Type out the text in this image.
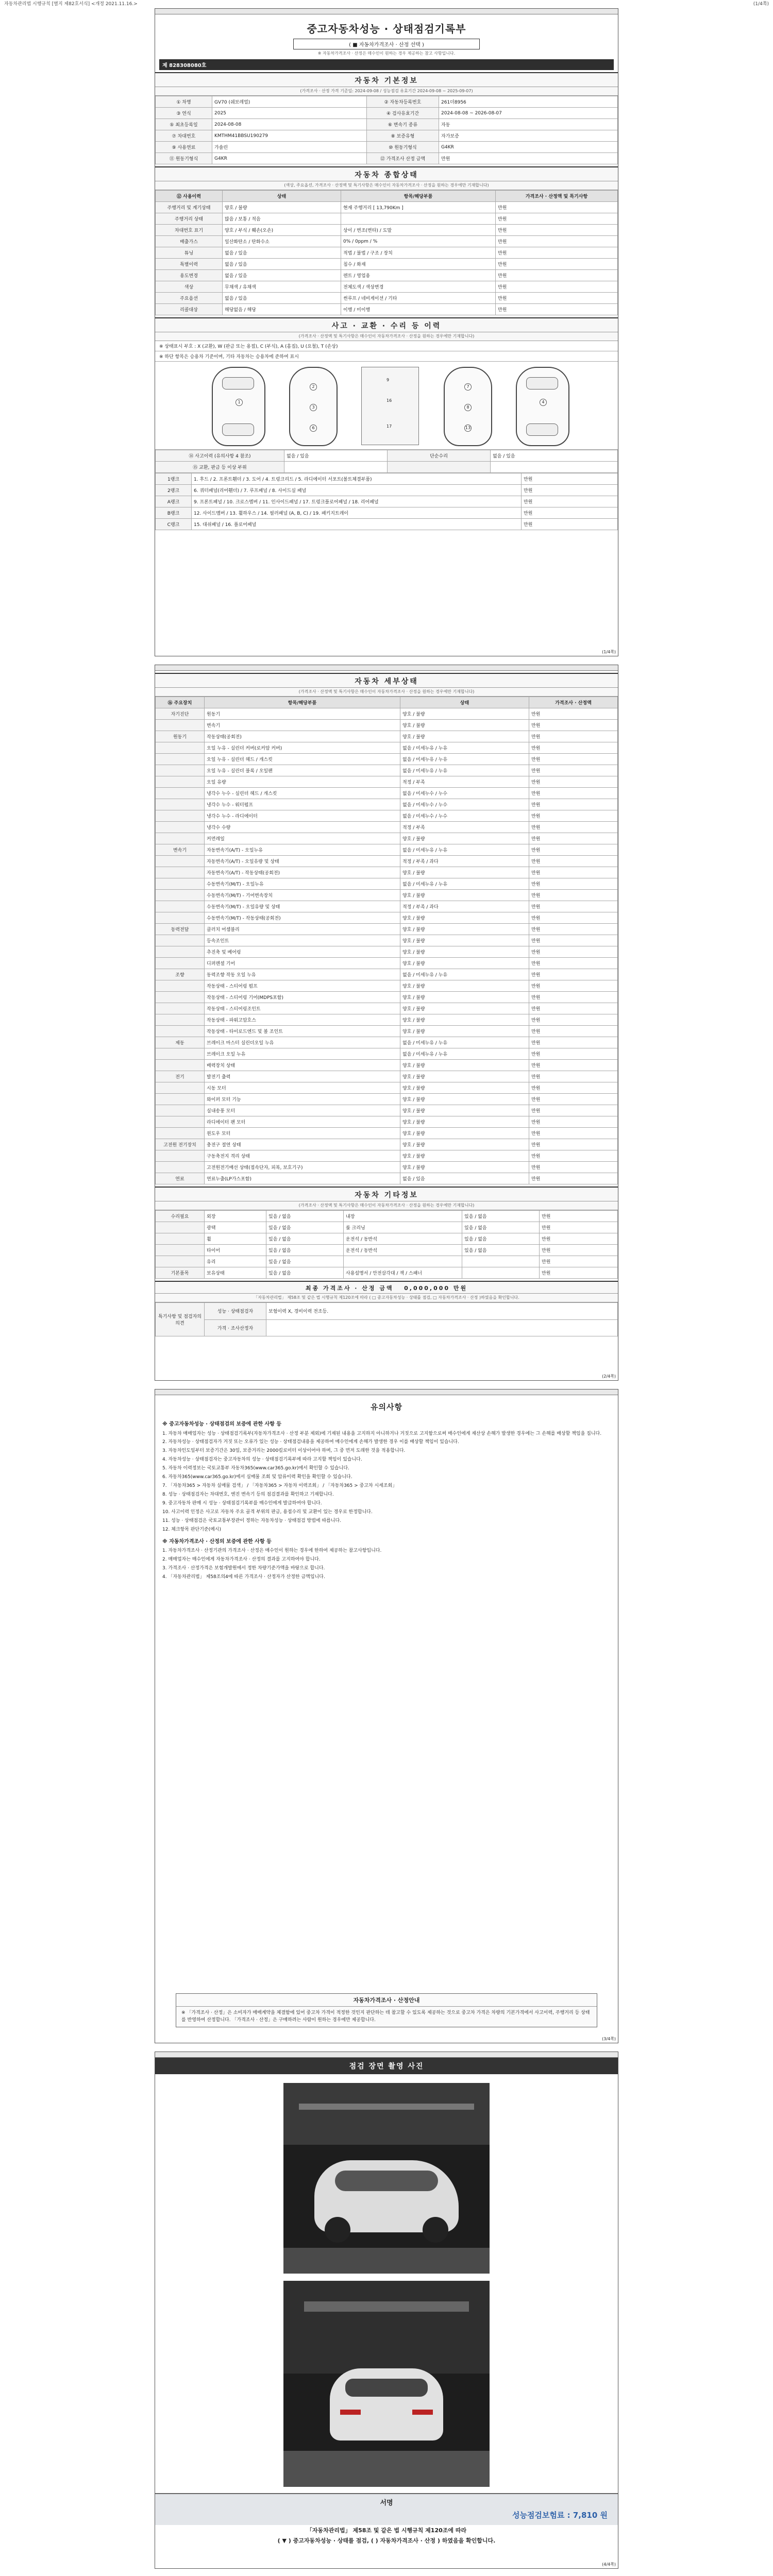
자동차관리법 시행규칙 [별지 제82호서식] <개정 2021.11.16.>	(1/4쪽)
중고자동차성능 · 상태점검기록부
( ■ 자동차가격조사 · 산정 선택 )
※ 자동차가격조사 · 산정은 매수인이 원하는 경우 제공하는 참고 사항입니다.
제 828308080호
자동차 기본정보
(가격조사 · 산정 가격 기준일: 2024-09-08 / 성능점검 유효기간 2024-09-08 ~ 2025-09-07)
① 차명	GV70 (쉐보레얼)	② 자동차등록번호	261더8956
③ 연식	2025	④ 검사유효기간	2024-08-08 ~ 2026-08-07
⑤ 최초등록일	2024-08-08	⑥ 변속기 종류	자동
⑦ 차대번호	KMTHM41BBSU190279	⑧ 보증유형	자가보증
⑨ 사용연료	가솔린	⑩ 원동기형식	G4KR
⑪ 원동기형식	G4KR	⑫ 가격조사 산정 금액	만원
자동차 종합상태
(색상, 주요옵션, 가격조사 · 산정액 및 특기사항은 매수인이 자동차가격조사 · 산정을 원하는 경우에만 기재합니다)
⑫ 사용이력	상태	항목/해당부품	가격조사 · 산정액 및 특기사항
주행거리 및 계기상태	양호 / 불량	현재 주행거리 [ 13,790Km ]	만원
주행거리 상태	많음 / 보통 / 적음		만원
차대번호 표기	양호 / 부식 / 훼손(오손)	상이 / 변조(변타) / 도말	만원
배출가스	일산화탄소 / 탄화수소	0% / 0ppm / %	만원
튜닝	없음 / 있음	적법 / 불법 / 구조 / 장치	만원
특별이력	없음 / 있음	침수 / 화재	만원
용도변경	없음 / 있음	렌트 / 영업용	만원
색상	무채색 / 유채색	전체도색 / 색상변경	만원
주요옵션	없음 / 있음	썬루프 / 네비게이션 / 기타	만원
리콜대상	해당없음 / 해당	이행 / 미이행	만원
사고 · 교환 · 수리 등 이력
(가격조사 · 산정액 및 특기사항은 매수인이 자동차가격조사 · 산정을 원하는 경우에만 기재합니다)
※ 상태표시 부호 : X (교환), W (판금 또는 용접), C (부식), A (흠집), U (요철), T (손상)
※ 하단 항목은 승용차 기준이며, 기타 자동차는 승용차에 준하여 표시
1
2
3
6
9
16
17
7
8
13
4
⑭ 사고이력 (유의사항 4 참조)	없음 / 있음	단순수리	없음 / 있음
⑮ 교환, 판금 등 이상 부위			
1랭크	1. 후드 / 2. 프론트휀더 / 3. 도어 / 4. 트렁크리드 / 5. 라디에이터 서포트(볼트체결부품)	만원
2랭크	6. 쿼터패널(리어휀더) / 7. 루프패널 / 8. 사이드실 패널	만원
A랭크	9. 프론트패널 / 10. 크로스멤버 / 11. 인사이드패널 / 17. 트렁크플로어패널 / 18. 리어패널	만원
B랭크	12. 사이드멤버 / 13. 휠하우스 / 14. 필러패널 (A, B, C) / 19. 패키지트레이	만원
C랭크	15. 대쉬패널 / 16. 플로어패널	만원
(1/4쪽)
자동차 세부상태
(가격조사 · 산정액 및 특기사항은 매수인이 자동차가격조사 · 산정을 원하는 경우에만 기재합니다)
⑯ 주요장치	항목/해당부품	상태	가격조사 · 산정액
자기진단	원동기	양호 / 불량	만원
	변속기	양호 / 불량	만원
원동기	작동상태(공회전)	양호 / 불량	만원
	오일 누유 - 실린더 커버(로커암 커버)	없음 / 미세누유 / 누유	만원
	오일 누유 - 실린더 헤드 / 개스킷	없음 / 미세누유 / 누유	만원
	오일 누유 - 실린더 블록 / 오일팬	없음 / 미세누유 / 누유	만원
	오일 유량	적정 / 부족	만원
	냉각수 누수 - 실린더 헤드 / 개스킷	없음 / 미세누수 / 누수	만원
	냉각수 누수 - 워터펌프	없음 / 미세누수 / 누수	만원
	냉각수 누수 - 라디에이터	없음 / 미세누수 / 누수	만원
	냉각수 수량	적정 / 부족	만원
	커먼레일	양호 / 불량	만원
변속기	자동변속기(A/T) - 오일누유	없음 / 미세누유 / 누유	만원
	자동변속기(A/T) - 오일유량 및 상태	적정 / 부족 / 과다	만원
	자동변속기(A/T) - 작동상태(공회전)	양호 / 불량	만원
	수동변속기(M/T) - 오일누유	없음 / 미세누유 / 누유	만원
	수동변속기(M/T) - 기어변속장치	양호 / 불량	만원
	수동변속기(M/T) - 오일유량 및 상태	적정 / 부족 / 과다	만원
	수동변속기(M/T) - 작동상태(공회전)	양호 / 불량	만원
동력전달	클러치 어셈블리	양호 / 불량	만원
	등속조인트	양호 / 불량	만원
	추진축 및 베어링	양호 / 불량	만원
	디퍼렌셜 기어	양호 / 불량	만원
조향	동력조향 작동 오일 누유	없음 / 미세누유 / 누유	만원
	작동상태 - 스티어링 펌프	양호 / 불량	만원
	작동상태 - 스티어링 기어(MDPS포함)	양호 / 불량	만원
	작동상태 - 스티어링조인트	양호 / 불량	만원
	작동상태 - 파워고압호스	양호 / 불량	만원
	작동상태 - 타이로드엔드 및 볼 조인트	양호 / 불량	만원
제동	브레이크 마스터 실린더오일 누유	없음 / 미세누유 / 누유	만원
	브레이크 오일 누유	없음 / 미세누유 / 누유	만원
	배력장치 상태	양호 / 불량	만원
전기	발전기 출력	양호 / 불량	만원
	시동 모터	양호 / 불량	만원
	와이퍼 모터 기능	양호 / 불량	만원
	실내송풍 모터	양호 / 불량	만원
	라디에이터 팬 모터	양호 / 불량	만원
	윈도우 모터	양호 / 불량	만원
고전원 전기장치	충전구 절연 상태	양호 / 불량	만원
	구동축전지 격리 상태	양호 / 불량	만원
	고전원전기배선 상태(접속단자, 피복, 보호기구)	양호 / 불량	만원
연료	연료누출(LP가스포함)	없음 / 있음	만원
자동차 기타정보
(가격조사 · 산정액 및 특기사항은 매수인이 자동차가격조사 · 산정을 원하는 경우에만 기재합니다)
수리필요	외장	있음 / 없음	내장	있음 / 없음	만원
	광택	있음 / 없음	룸 크리닝	있음 / 없음	만원
	휠	있음 / 없음	운전석 / 동반석	있음 / 없음	만원
	타이어	있음 / 없음	운전석 / 동반석	있음 / 없음	만원
	유리	있음 / 없음			만원
기본품목	보유상태	있음 / 없음	사용설명서 / 안전삼각대 / 잭 / 스패너		만원
최종 가격조사 · 산정 금액 0,000,000 만원
「자동차관리법」 제58조 및 같은 법 시행규칙 제120조에 따라 ( □ 중고자동차성능 · 상태를 점검, □ 자동차가격조사 · 산정 )하였음을 확인합니다.
특기사항 및 점검자의 의견	성능 · 상태점검자	보험이력 X, 경비이력 전조등.
	가격 · 조사산정자	
(2/4쪽)
유의사항
※ 중고자동차성능 · 상태점검의 보증에 관한 사항 등

1. 자동차 매매업자는 성능 · 상태점검기록부(자동차가격조사 · 산정 부분 제외)에 기재된 내용을 고지하지 아니하거나 거짓으로 고지함으로써 매수인에게 재산상 손해가 발생한 경우에는 그 손해를 배상할 책임을 집니다.

2. 자동차성능 · 상태점검자가 거짓 또는 오류가 있는 성능 · 상태점검내용을 제공하여 매수인에게 손해가 발생한 경우 이를 배상할 책임이 있습니다.

3. 자동차인도일부터 보증기간은 30일, 보증거리는 2000킬로미터 이상이어야 하며, 그 중 먼저 도래한 것을 적용합니다.

4. 자동차성능 · 상태점검자는 중고자동차의 성능 · 상태점검기록부에 따라 고지할 책임이 있습니다.

5. 자동차 이력정보는 국토교통부 자동차365(www.car365.go.kr)에서 확인할 수 있습니다.

6. 자동차365(www.car365.go.kr)에서 실매물 조회 및 압류이력 확인을 확인할 수 있습니다.

7. 「자동차365 > 자동차 실매물 검색」 / 「자동차365 > 자동차 이력조회」 / 「자동차365 > 중고차 시세조회」

8. 성능 · 상태점검자는 차대번호, 엔진 변속기 등의 점검결과를 확인하고 기재합니다.

9. 중고자동차 판매 시 성능 · 상태점검기록부를 매수인에게 발급하여야 합니다.

10. 사고이력 인정은 사고로 자동차 주요 골격 부위의 판금, 용접수리 및 교환이 있는 경우로 한정합니다.

11. 성능 · 상태점검은 국토교통부장관이 정하는 자동차성능 · 상태점검 방법에 따릅니다.

12. 체크항목 판단기준(예시)

※ 자동차가격조사 · 산정의 보증에 관한 사항 등

1. 자동차가격조사 · 산정기관의 가격조사 · 산정은 매수인이 원하는 경우에 한하여 제공하는 참고사항입니다.

2. 매매업자는 매수인에게 자동차가격조사 · 산정의 결과를 고지하여야 합니다.

3. 가격조사 · 산정가격은 보험개발원에서 정한 차량기준가액을 바탕으로 합니다.

4. 「자동차관리법」 제58조의4에 따른 가격조사 · 산정자가 산정한 금액입니다.

자동차가격조사 · 산정안내

※ 「가격조사 · 산정」은 소비자가 매매계약을 체결함에 있어 중고차 가격이 적정한 것인지 판단하는 데 참고할 수 있도록 제공하는 것으로 중고차 가격은 차량의 기본가격에서 사고이력, 주행거리 등 상태를 반영하여 산정합니다. 「가격조사 · 산정」은 구매하려는 사람이 원하는 경우에만 제공합니다.

(3/4쪽)
점검 장면 촬영 사진
서명
성능점검보험료 : 7,810 원
「자동차관리법」 제58조 및 같은 법 시행규칙 제120조에 따라
( ▼ ) 중고자동차성능 · 상태를 점검, ( ) 자동차가격조사 · 산정 ) 하였음을 확인합니다.
(4/4쪽)
